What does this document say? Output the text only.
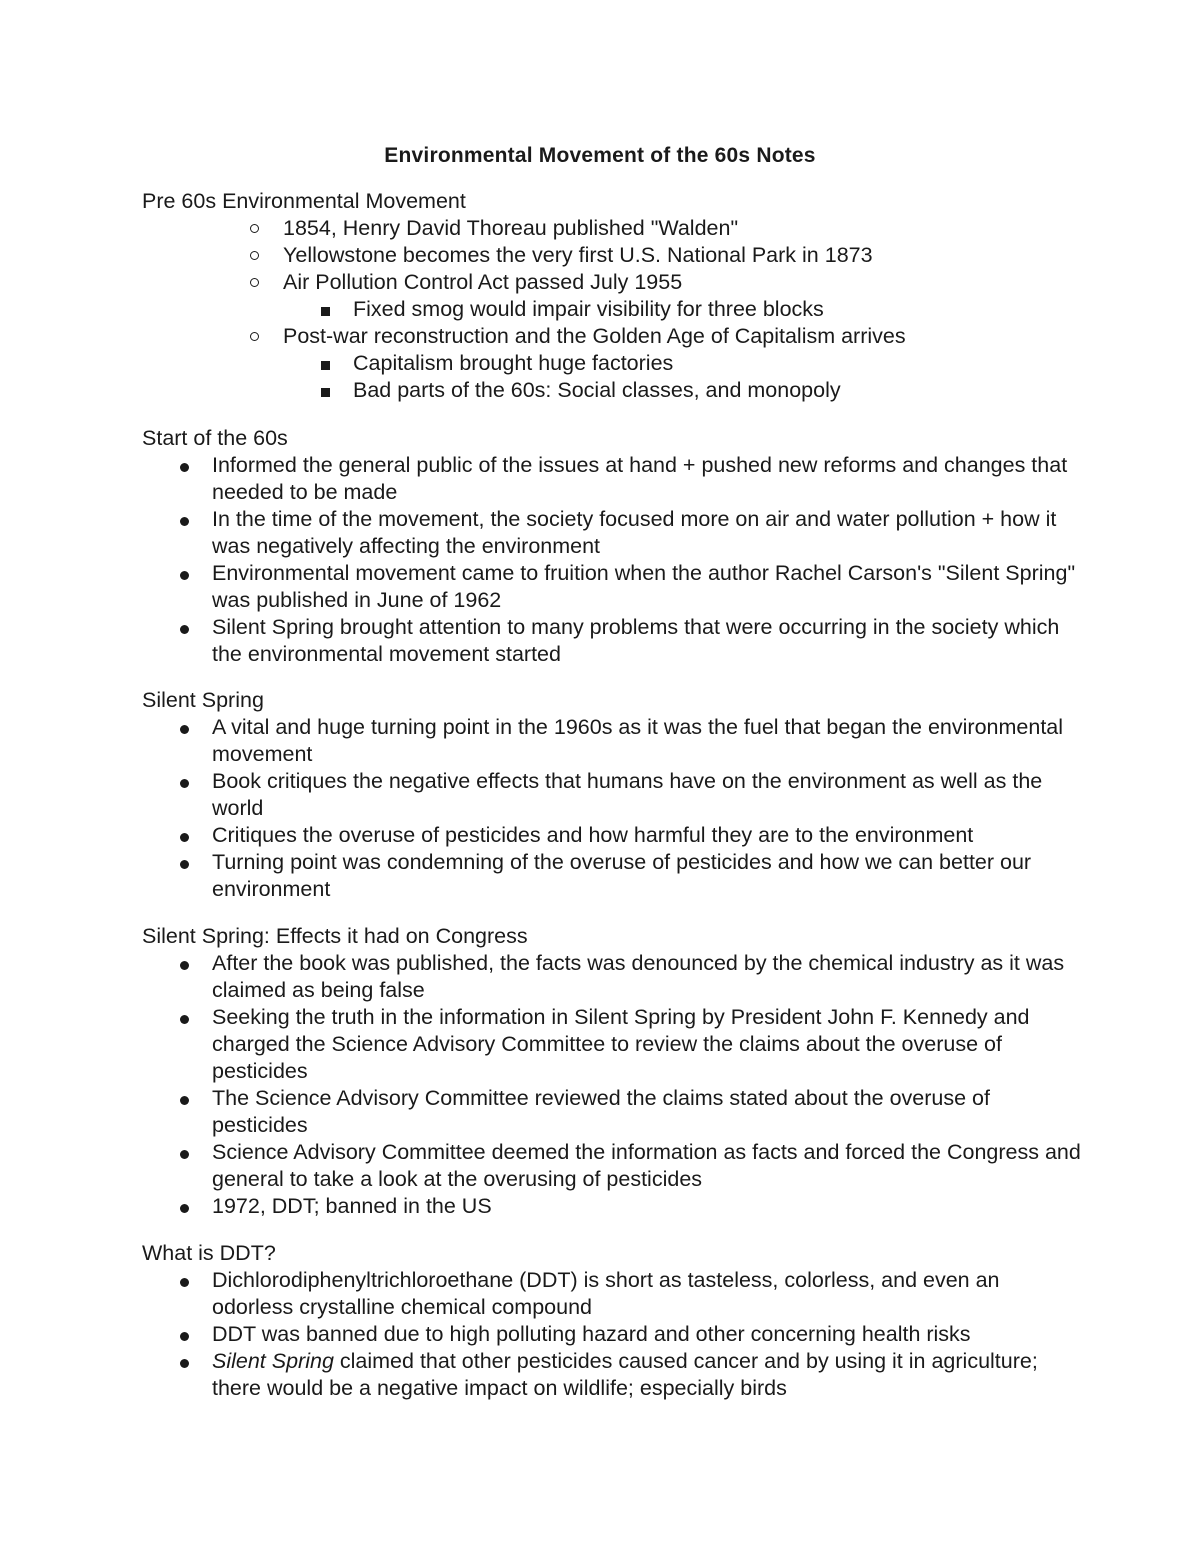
Environmental Movement of the 60s Notes

Pre 60s Environmental Movement

1854, Henry David Thoreau published "Walden"
Yellowstone becomes the very first U.S. National Park in 1873
Air Pollution Control Act passed July 1955
Fixed smog would impair visibility for three blocks
Post-war reconstruction and the Golden Age of Capitalism arrives
Capitalism brought huge factories
Bad parts of the 60s: Social classes, and monopoly

Start of the 60s

Informed the general public of the issues at hand + pushed new reforms and changes that needed to be made
In the time of the movement, the society focused more on air and water pollution + how it was negatively affecting the environment
Environmental movement came to fruition when the author Rachel Carson's "Silent Spring" was published in June of 1962
Silent Spring brought attention to many problems that were occurring in the society which the environmental movement started

Silent Spring

A vital and huge turning point in the 1960s as it was the fuel that began the environmental movement
Book critiques the negative effects that humans have on the environment as well as the world
Critiques the overuse of pesticides and how harmful they are to the environment
Turning point was condemning of the overuse of pesticides and how we can better our environment

Silent Spring: Effects it had on Congress

After the book was published, the facts was denounced by the chemical industry as it was claimed as being false
Seeking the truth in the information in Silent Spring by President John F. Kennedy and charged the Science Advisory Committee to review the claims about the overuse of pesticides
The Science Advisory Committee reviewed the claims stated about the overuse of pesticides
Science Advisory Committee deemed the information as facts and forced the Congress and general to take a look at the overusing of pesticides
1972, DDT; banned in the US

What is DDT?

Dichlorodiphenyltrichloroethane (DDT) is short as tasteless, colorless, and even an odorless crystalline chemical compound
DDT was banned due to high polluting hazard and other concerning health risks
Silent Spring claimed that other pesticides caused cancer and by using it in agriculture; there would be a negative impact on wildlife; especially birds
